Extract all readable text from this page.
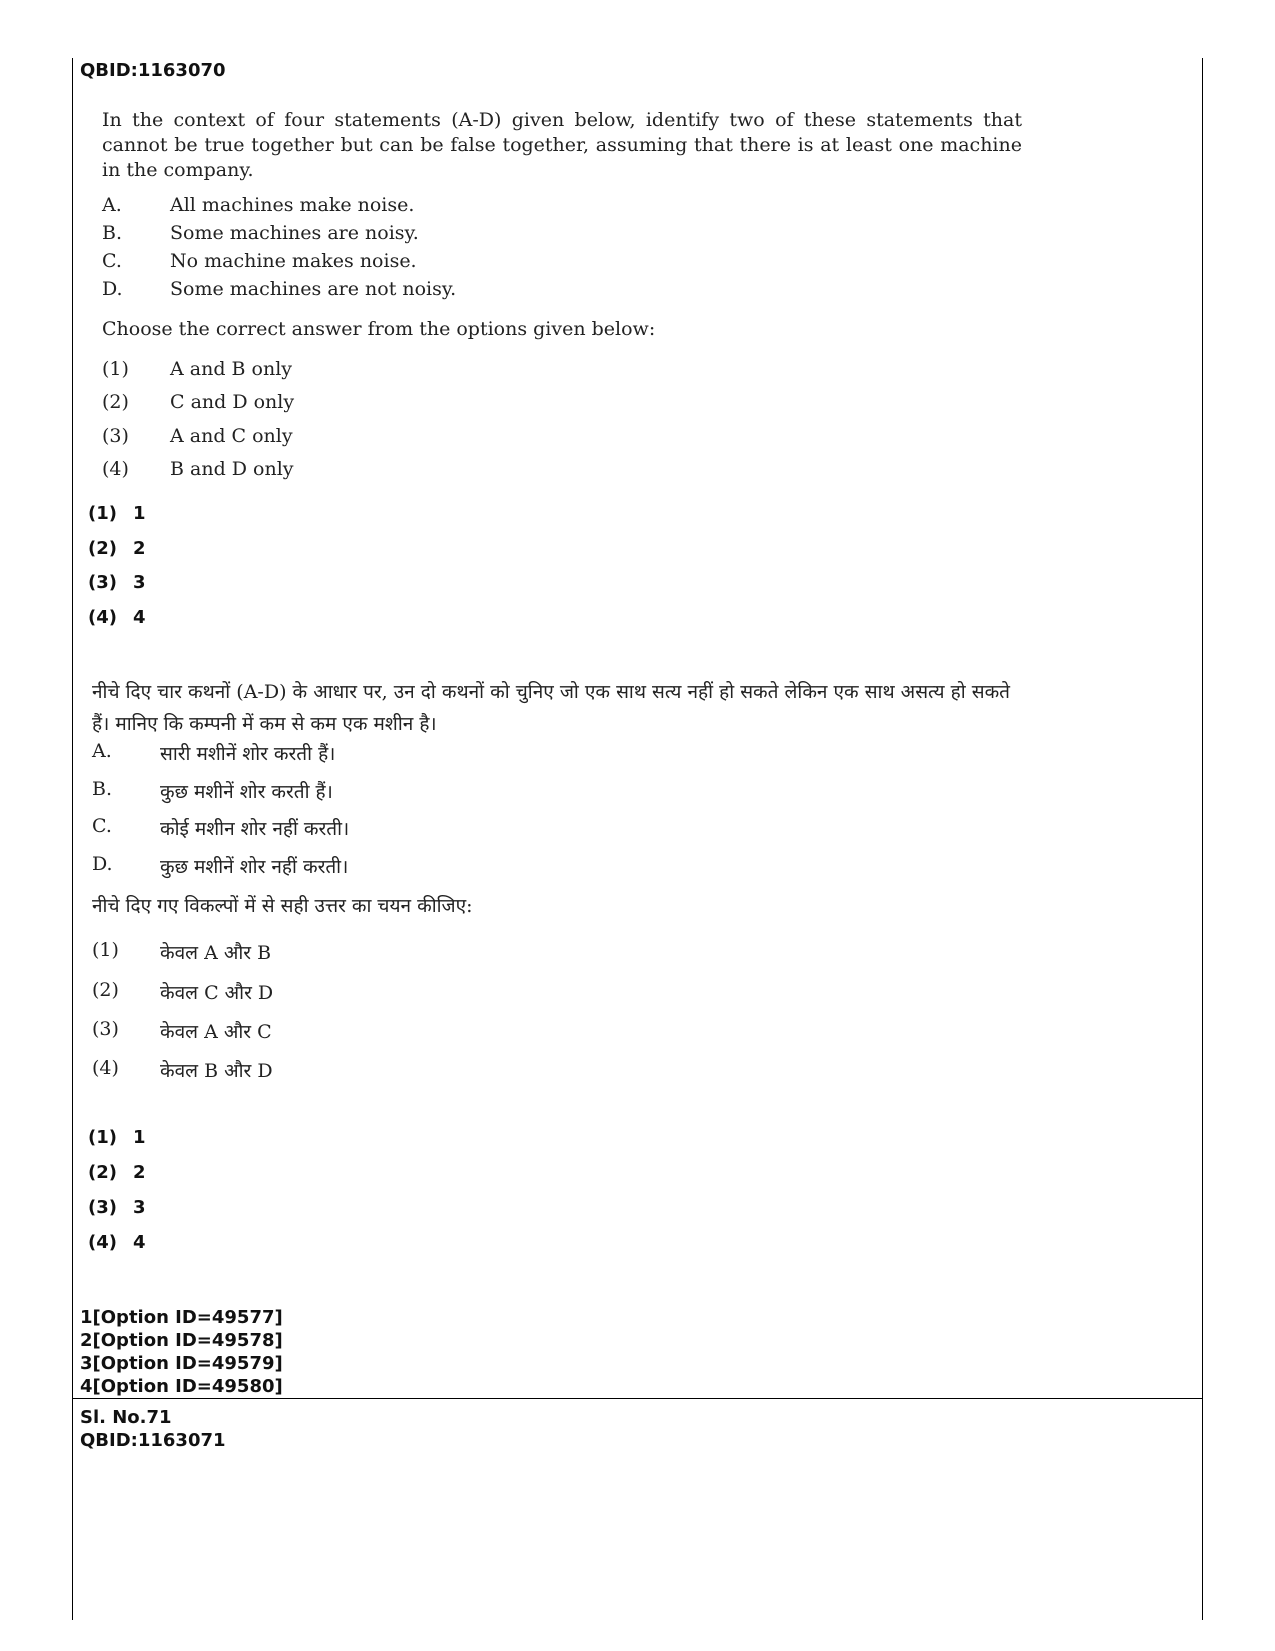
QBID:1163070
In the context of four statements (A-D) given below, identify two of these statements that cannot be true together but can be false together, assuming that there is at least one machine in the company.
A.	All machines make noise.
B.	Some machines are noisy.
C.	No machine makes noise.
D. Some machines are not noisy.
Choose the correct answer from the options given below:
(1) A and B only
(2) C and D only
(3) A and C only
(4) B and D only
(1) 1
(2) 2
(3) 3
(4) 4
नीचे दिए चार कथनों (A-D) के आधार पर, उन दो कथनों को चुनिए जो एक साथ सत्य नहीं हो सकते लेकिन एक साथ असत्य हो सकते हैं। मानिए कि कम्पनी में कम से कम एक मशीन है।
A.	सारी मशीनें शोर करती हैं।
B.	कुछ मशीनें शोर करती हैं।
C.	कोई मशीन शोर नहीं करती।
D. कुछ मशीनें शोर नहीं करती।
नीचे दिए गए विकल्पों में से सही उत्तर का चयन कीजिए:
(1) केवल A और B
(2) केवल C और D
(3) केवल A और C
(4) केवल B और D
(1) 1
(2) 2
(3) 3
(4) 4
1[Option ID=49577]
2[Option ID=49578]
3[Option ID=49579]
4[Option ID=49580]
Sl. No.71
QBID:1163071
